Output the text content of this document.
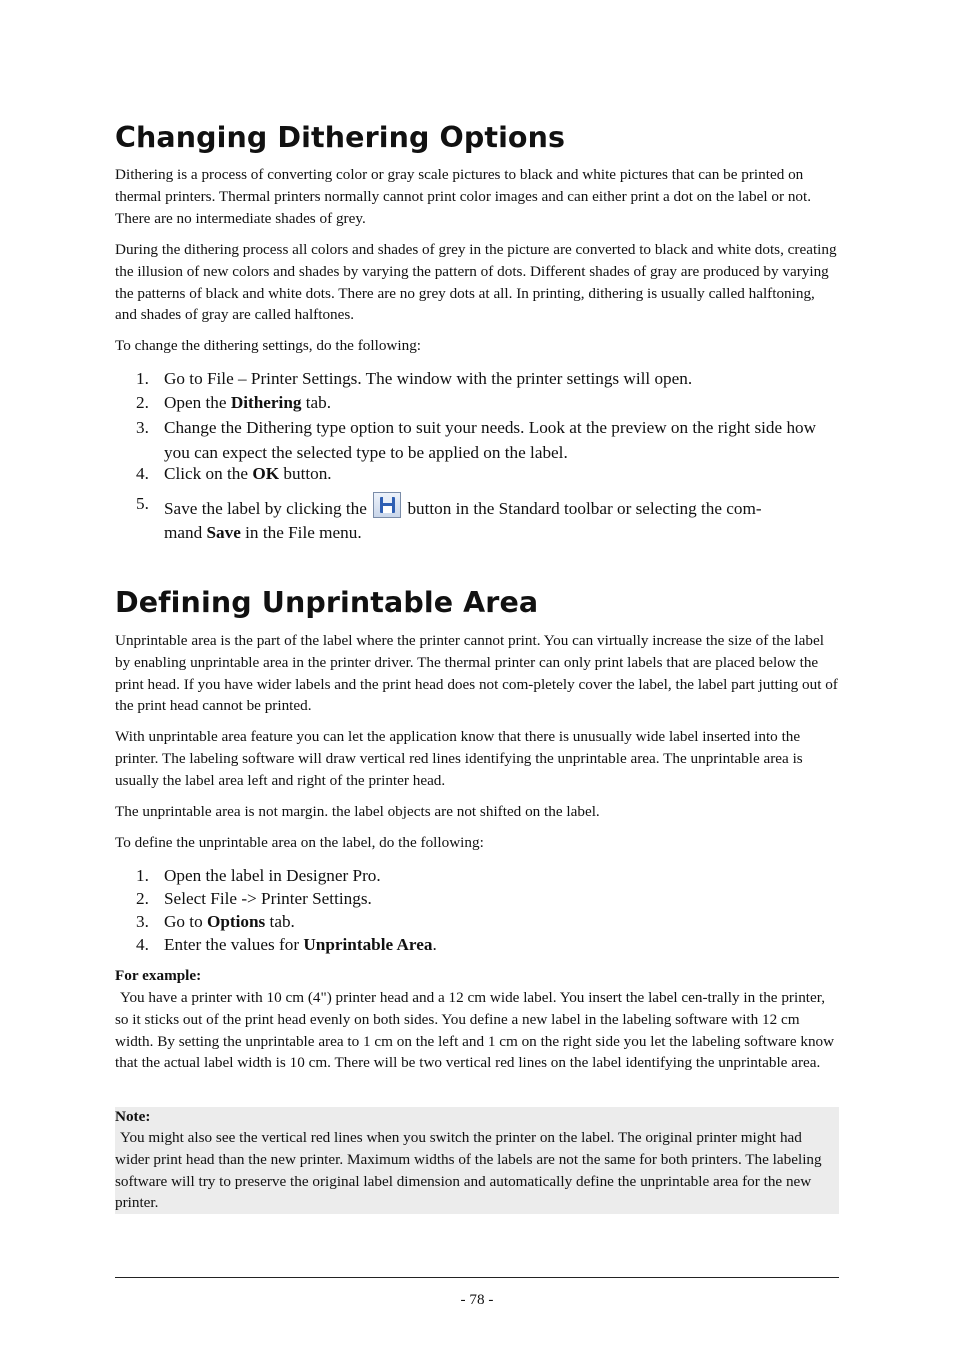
Changing Dithering Options

Dithering is a process of converting color or gray scale pictures to black and white pictures that can be printed on thermal printers. Thermal printers normally cannot print color images and can either print a dot on the label or not. There are no intermediate shades of grey.

During the dithering process all colors and shades of grey in the picture are converted to black and white dots, creating the illusion of new colors and shades by varying the pattern of dots. Different shades of gray are produced by varying the patterns of black and white dots. There are no grey dots at all. In printing, dithering is usually called halftoning, and shades of gray are called halftones.

To change the dithering settings, do the following:

1. Go to File – Printer Settings. The window with the printer settings will open.
2. Open the Dithering tab.
3. Change the Dithering type option to suit your needs. Look at the preview on the right side how you can expect the selected type to be applied on the label.
4. Click on the OK button.
5. Save the label by clicking the
button in the Standard toolbar or selecting the com-
mand Save in the File menu.
Defining Unprintable Area

Unprintable area is the part of the label where the printer cannot print. You can virtually increase the size of the label by enabling unprintable area in the printer driver. The thermal printer can only print labels that are placed below the print head. If you have wider labels and the print head does not com-pletely cover the label, the label part jutting out of the print head cannot be printed.

With unprintable area feature you can let the application know that there is unusually wide label inserted into the printer. The labeling software will draw vertical red lines identifying the unprintable area. The unprintable area is usually the label area left and right of the printer head.

The unprintable area is not margin. the label objects are not shifted on the label.

To define the unprintable area on the label, do the following:

1. Open the label in Designer Pro.
2. Select File -> Printer Settings.
3. Go to Options tab.
4. Enter the values for Unprintable Area.

For example:

You have a printer with 10 cm (4") printer head and a 12 cm wide label. You insert the label cen-trally in the printer, so it sticks out of the print head evenly on both sides. You define a new label in the labeling software with 12 cm width. By setting the unprintable area to 1 cm on the left and 1 cm on the right side you let the labeling software know that the actual label width is 10 cm. There will be two vertical red lines on the label identifying the unprintable area.

Note:

You might also see the vertical red lines when you switch the printer on the label. The original printer might had wider print head than the new printer. Maximum widths of the labels are not the same for both printers. The labeling software will try to preserve the original label dimension and automatically define the unprintable area for the new printer.

- 78 -
